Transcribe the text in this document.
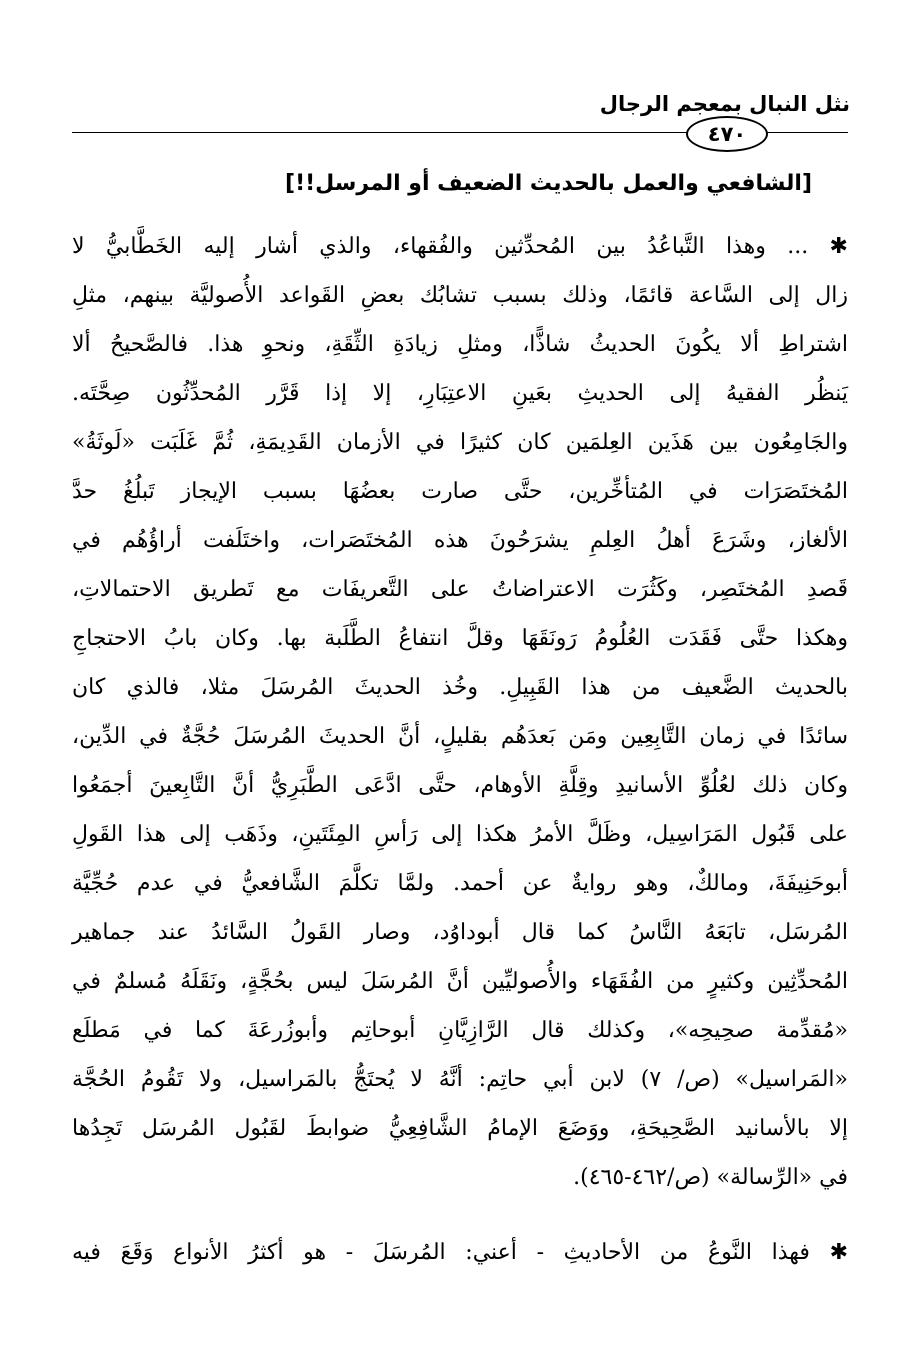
نثل النبال بمعجم الرجال
٤٧٠
[الشافعي والعمل بالحديث الضعيف أو المرسل!!]
✱ ... وهذا التَّباعُدُ بين المُحدِّثين والفُقهاء، والذي أشار إليه الخَطَّابيُّ لا
زال إلى السَّاعة قائمًا، وذلك بسبب تشابُك بعضِ القَواعد الأُصوليَّة بينهم، مثلِ
اشتراطِ ألا يكُونَ الحديثُ شاذًّا، ومثلِ زيادَةِ الثِّقَةِ، ونحوِ هذا. فالصَّحيحُ ألا
يَنظُر الفقيهُ إلى الحديثِ بعَينِ الاعتِبَارِ، إلا إذا قَرَّر المُحدِّثُون صِحَّتَه.
والجَامِعُون بين هَذَين العِلمَين كان كثيرًا في الأزمان القَدِيمَةِ، ثُمَّ غَلَبَت «لَوثَةُ»
المُختَصَرَات في المُتأخِّرين، حتَّى صارت بعضُهَا بسبب الإيجاز تَبلُغُ حدَّ
الألغاز، وشَرَعَ أهلُ العِلمِ يشرَحُونَ هذه المُختَصَرات، واختَلَفت أراؤُهُم في
قَصدِ المُختَصِر، وكَثُرَت الاعتراضاتُ على التَّعريفَات مع تَطريق الاحتمالاتِ،
وهكذا حتَّى فَقَدَت العُلُومُ رَونَقَهَا وقلَّ انتفاعُ الطَّلَبة بها. وكان بابُ الاحتجاجِ
بالحديث الضَّعيف من هذا القَبِيلِ. وخُذ الحديثَ المُرسَلَ مثلا، فالذي كان
سائدًا في زمان التَّابِعِين ومَن بَعدَهُم بقليلٍ، أنَّ الحديثَ المُرسَلَ حُجَّةٌ في الدِّين،
وكان ذلك لعُلُوِّ الأسانيدِ وقِلَّةِ الأوهام، حتَّى ادَّعَى الطَّبَرِيُّ أنَّ التَّابِعينَ أجمَعُوا
على قَبُول المَرَاسِيل، وظَلَّ الأمرُ هكذا إلى رَأسِ المِئَتَينِ، وذَهَب إلى هذا القَولِ
أبوحَنِيفَةَ، ومالكٌ، وهو روايةٌ عن أحمد. ولمَّا تكلَّمَ الشَّافعيُّ في عدم حُجِّيَّة
المُرسَل، تابَعَهُ النَّاسُ كما قال أبوداوُد، وصار القَولُ السَّائدُ عند جماهير
المُحدِّثِين وكثيرٍ من الفُقَهَاء والأُصوليِّين أنَّ المُرسَلَ ليس بحُجَّةٍ، ونَقَلَهُ مُسلمٌ في
«مُقدِّمة صحِيحِه»، وكذلك قال الرَّازِيَّانِ أبوحاتِم وأبوزُرعَةَ كما في مَطلَع
«المَراسيل» (ص/ ٧) لابن أبي حاتِم: أنَّهُ لا يُحتَجُّ بالمَراسيل، ولا تَقُومُ الحُجَّة
إلا بالأسانيد الصَّحِيحَةِ، ووَضَعَ الإمامُ الشَّافِعِيُّ ضوابطَ لقَبُول المُرسَل تَجِدُها
في «الرِّسالة» (ص/٤٦٢-٤٦٥).
✱ فهذا النَّوعُ من الأحاديثِ - أعني: المُرسَلَ - هو أكثرُ الأنواع وَقَعَ فيه
